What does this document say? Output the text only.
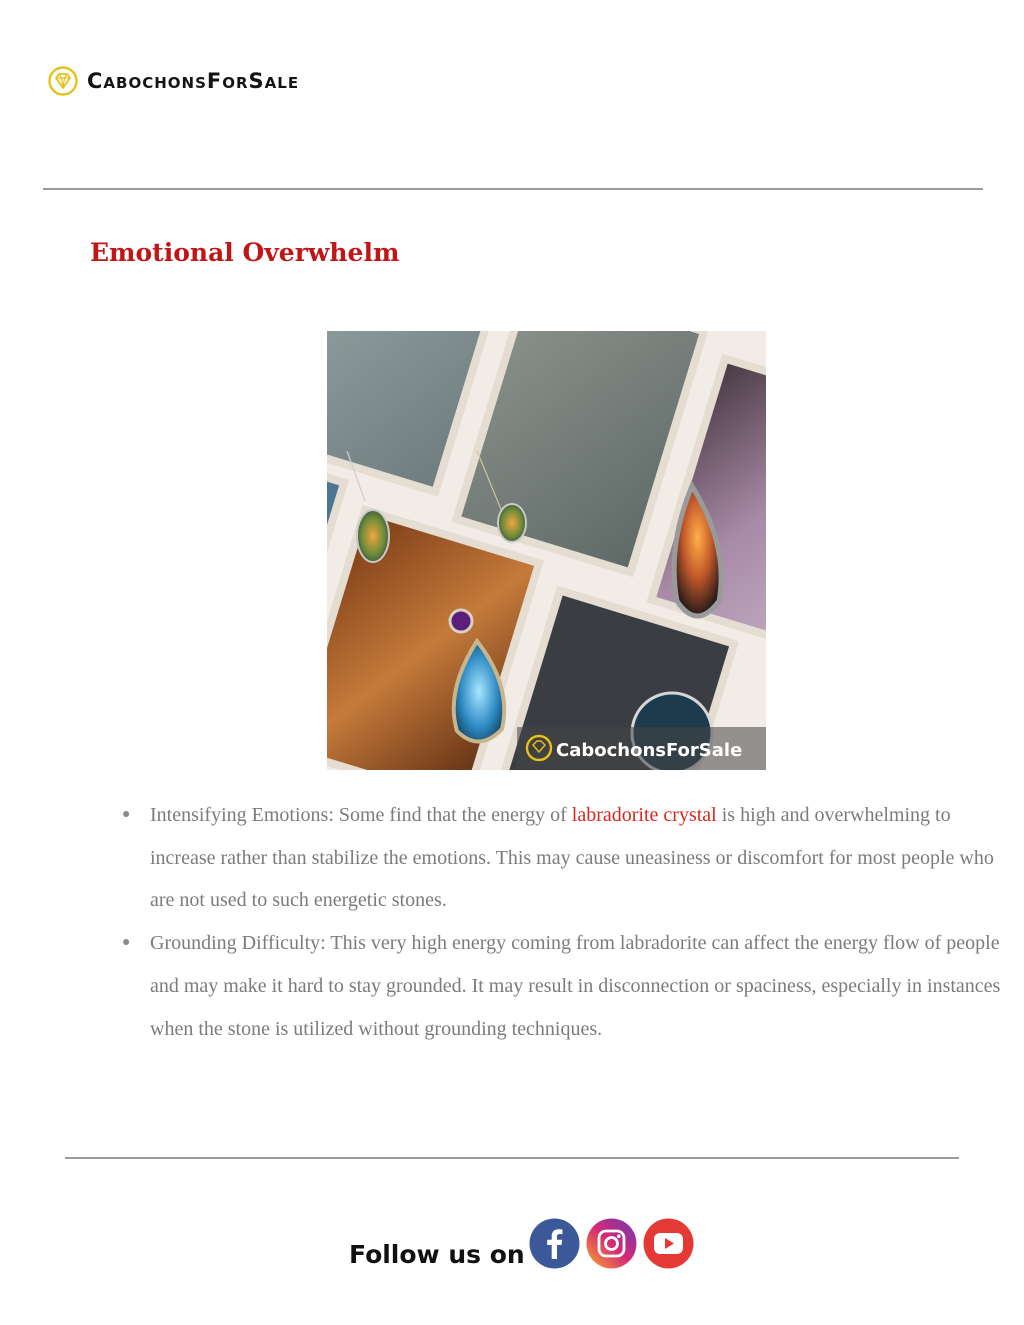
CabochonsForSale
Emotional Overwhelm
CabochonsForSale
● Intensifying Emotions: Some find that the energy of labradorite crystal is high and overwhelming to increase rather than stabilize the emotions. This may cause uneasiness or discomfort for most people who are not used to such energetic stones.
● Grounding Difficulty: This very high energy coming from labradorite can affect the energy flow of people and may make it hard to stay grounded. It may result in disconnection or spaciness, especially in instances when the stone is utilized without grounding techniques.
Follow us on
